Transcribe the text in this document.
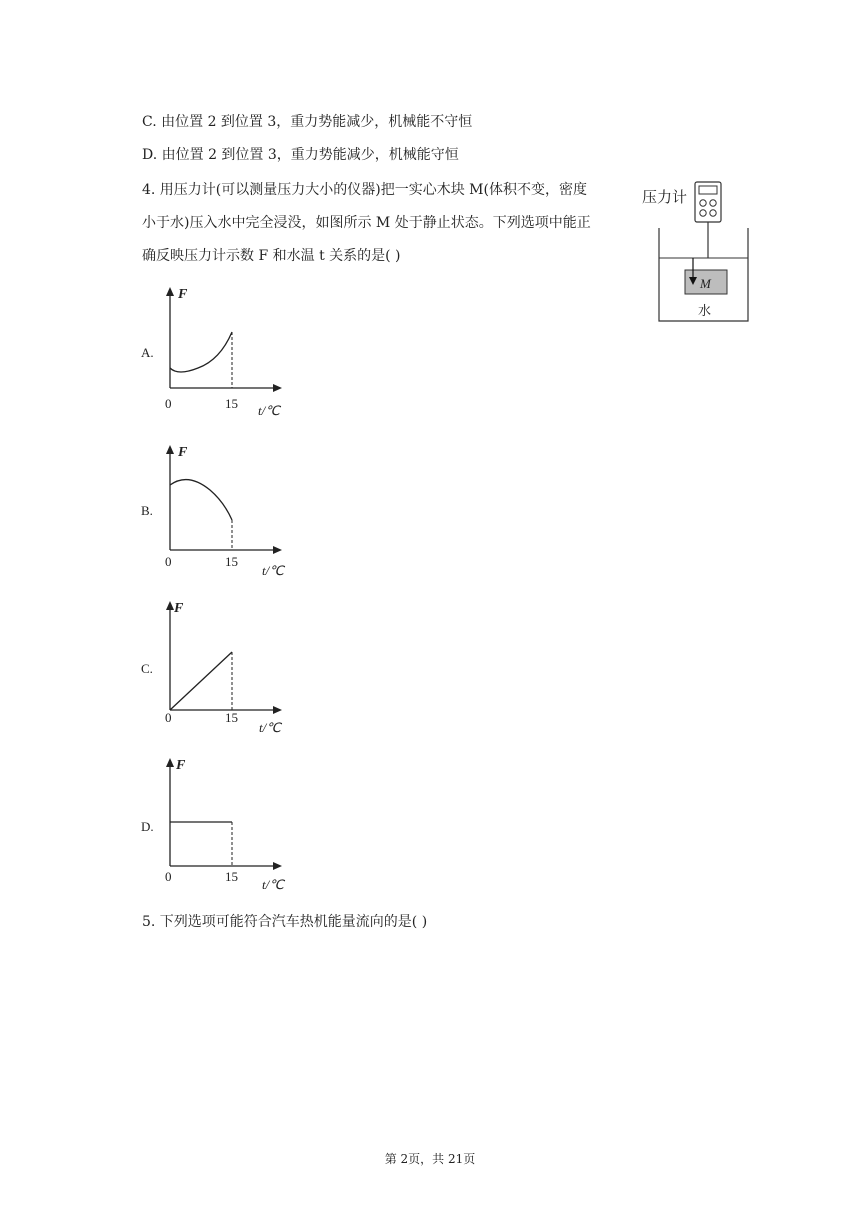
C. 由位置 2 到位置 3，重力势能减少，机械能不守恒
D. 由位置 2 到位置 3，重力势能减少，机械能守恒
4. 用压力计(可以测量压力大小的仪器)把一实心木块 M(体积不变，密度
小于水)压入水中完全浸没，如图所示 M 处于静止状态。下列选项中能正
确反映压力计示数 F 和水温 t 关系的是( )
压力计
M
水
A.
F
0	15 t/℃
B.
F
0	15
t/℃
C.
F
0	15
t/℃
D.
F
0	15
t/℃
5. 下列选项可能符合汽车热机能量流向的是( )
第 2页，共 21页
